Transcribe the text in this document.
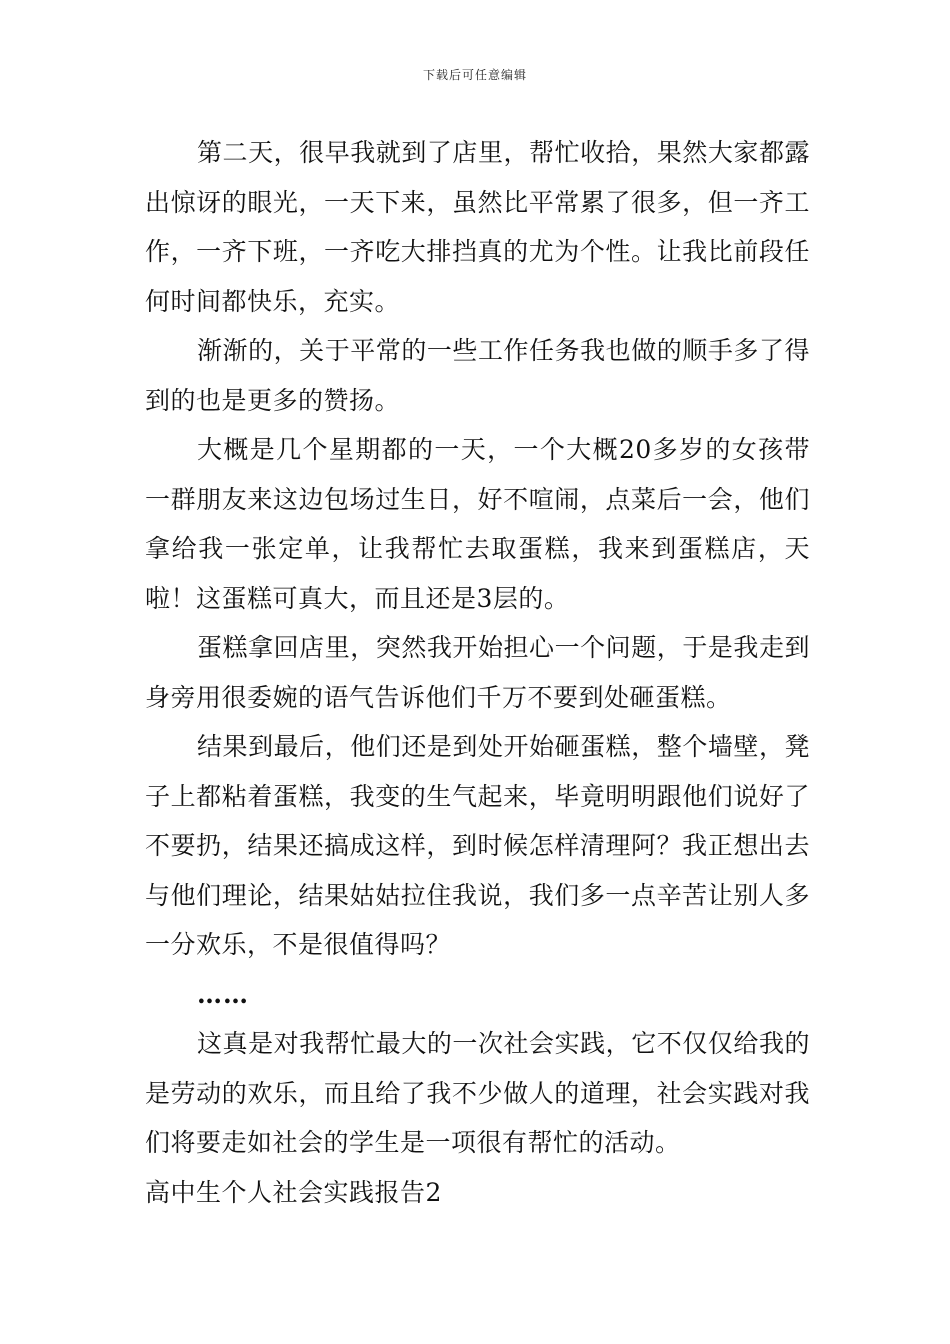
下载后可任意编辑

第二天，很早我就到了店里，帮忙收拾，果然大家都露出惊讶的眼光，一天下来，虽然比平常累了很多，但一齐工作，一齐下班，一齐吃大排挡真的尤为个性。让我比前段任何时间都快乐，充实。

渐渐的，关于平常的一些工作任务我也做的顺手多了得到的也是更多的赞扬。

大概是几个星期都的一天，一个大概20多岁的女孩带一群朋友来这边包场过生日，好不喧闹，点菜后一会，他们拿给我一张定单，让我帮忙去取蛋糕，我来到蛋糕店，天啦！这蛋糕可真大，而且还是3层的。

蛋糕拿回店里，突然我开始担心一个问题，于是我走到身旁用很委婉的语气告诉他们千万不要到处砸蛋糕。

结果到最后，他们还是到处开始砸蛋糕，整个墙壁，凳子上都粘着蛋糕，我变的生气起来，毕竟明明跟他们说好了不要扔，结果还搞成这样，到时候怎样清理阿？我正想出去与他们理论，结果姑姑拉住我说，我们多一点辛苦让别人多一分欢乐，不是很值得吗？

……

这真是对我帮忙最大的一次社会实践，它不仅仅给我的是劳动的欢乐，而且给了我不少做人的道理，社会实践对我们将要走如社会的学生是一项很有帮忙的活动。

高中生个人社会实践报告2
